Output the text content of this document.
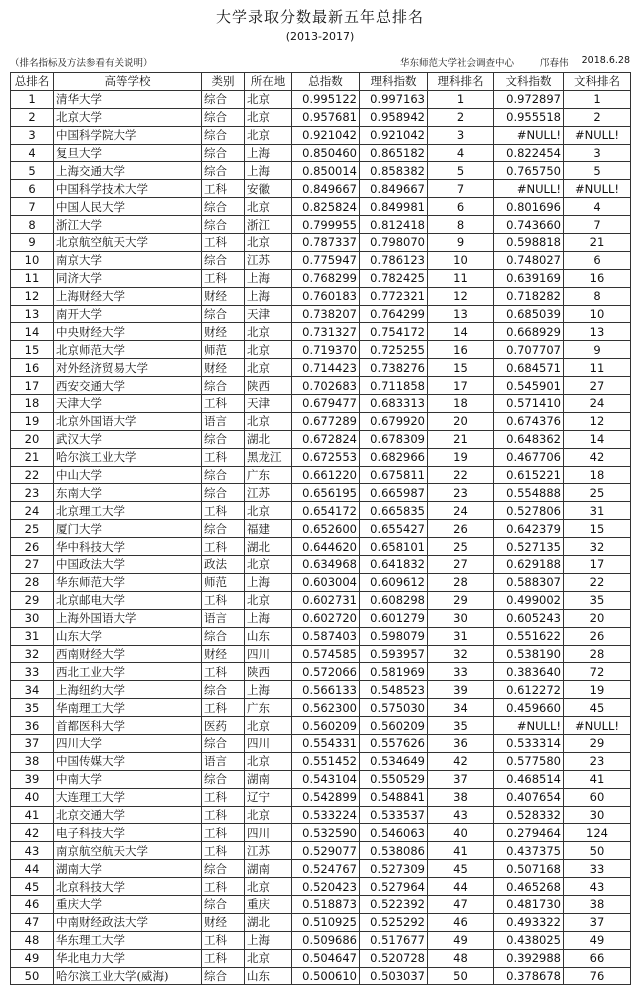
大学录取分数最新五年总排名
(2013-2017)
（排名指标及方法参看有关说明）	华东师范大学社会调查中心	邝春伟 2018.6.28
总排名	高等学校	类别	所在地	总指数	理科指数	理科排名	文科指数	文科排名
1	清华大学	综合	北京	0.995122	0.997163	1	0.972897	1
2	北京大学	综合	北京	0.957681	0.958942	2	0.955518	2
3	中国科学院大学	综合	北京	0.921042	0.921042	3	#NULL!	#NULL!
4	复旦大学	综合	上海	0.850460	0.865182	4	0.822454	3
5	上海交通大学	综合	上海	0.850014	0.858382	5	0.765750	5
6	中国科学技术大学	工科	安徽	0.849667	0.849667	7	#NULL!	#NULL!
7	中国人民大学	综合	北京	0.825824	0.849981	6	0.801696	4
8	浙江大学	综合	浙江	0.799955	0.812418	8	0.743660	7
9	北京航空航天大学	工科	北京	0.787337	0.798070	9	0.598818	21
10	南京大学	综合	江苏	0.775947	0.786123	10	0.748027	6
11	同济大学	工科	上海	0.768299	0.782425	11	0.639169	16
12	上海财经大学	财经	上海	0.760183	0.772321	12	0.718282	8
13	南开大学	综合	天津	0.738207	0.764299	13	0.685039	10
14	中央财经大学	财经	北京	0.731327	0.754172	14	0.668929	13
15	北京师范大学	师范	北京	0.719370	0.725255	16	0.707707	9
16	对外经济贸易大学	财经	北京	0.714423	0.738276	15	0.684571	11
17	西安交通大学	综合	陕西	0.702683	0.711858	17	0.545901	27
18	天津大学	工科	天津	0.679477	0.683313	18	0.571410	24
19	北京外国语大学	语言	北京	0.677289	0.679920	20	0.674376	12
20	武汉大学	综合	湖北	0.672824	0.678309	21	0.648362	14
21	哈尔滨工业大学	工科	黑龙江	0.672553	0.682966	19	0.467706	42
22	中山大学	综合	广东	0.661220	0.675811	22	0.615221	18
23	东南大学	综合	江苏	0.656195	0.665987	23	0.554888	25
24	北京理工大学	工科	北京	0.654172	0.665835	24	0.527806	31
25	厦门大学	综合	福建	0.652600	0.655427	26	0.642379	15
26	华中科技大学	工科	湖北	0.644620	0.658101	25	0.527135	32
27	中国政法大学	政法	北京	0.634968	0.641832	27	0.629188	17
28	华东师范大学	师范	上海	0.603004	0.609612	28	0.588307	22
29	北京邮电大学	工科	北京	0.602731	0.608298	29	0.499002	35
30	上海外国语大学	语言	上海	0.602720	0.601279	30	0.605243	20
31	山东大学	综合	山东	0.587403	0.598079	31	0.551622	26
32	西南财经大学	财经	四川	0.574585	0.593957	32	0.538190	28
33	西北工业大学	工科	陕西	0.572066	0.581969	33	0.383640	72
34	上海纽约大学	综合	上海	0.566133	0.548523	39	0.612272	19
35	华南理工大学	工科	广东	0.562300	0.575030	34	0.459660	45
36	首都医科大学	医药	北京	0.560209	0.560209	35	#NULL!	#NULL!
37	四川大学	综合	四川	0.554331	0.557626	36	0.533314	29
38	中国传媒大学	语言	北京	0.551452	0.534649	42	0.577580	23
39	中南大学	综合	湖南	0.543104	0.550529	37	0.468514	41
40	大连理工大学	工科	辽宁	0.542899	0.548841	38	0.407654	60
41	北京交通大学	工科	北京	0.533224	0.533537	43	0.528332	30
42	电子科技大学	工科	四川	0.532590	0.546063	40	0.279464	124
43	南京航空航天大学	工科	江苏	0.529077	0.538086	41	0.437375	50
44	湖南大学	综合	湖南	0.524767	0.527309	45	0.507168	33
45	北京科技大学	工科	北京	0.520423	0.527964	44	0.465268	43
46	重庆大学	综合	重庆	0.518873	0.522392	47	0.481730	38
47	中南财经政法大学	财经	湖北	0.510925	0.525292	46	0.493322	37
48	华东理工大学	工科	上海	0.509686	0.517677	49	0.438025	49
49	华北电力大学	工科	北京	0.504647	0.520728	48	0.392988	66
50	哈尔滨工业大学(威海)	综合	山东	0.500610	0.503037	50	0.378678	76
